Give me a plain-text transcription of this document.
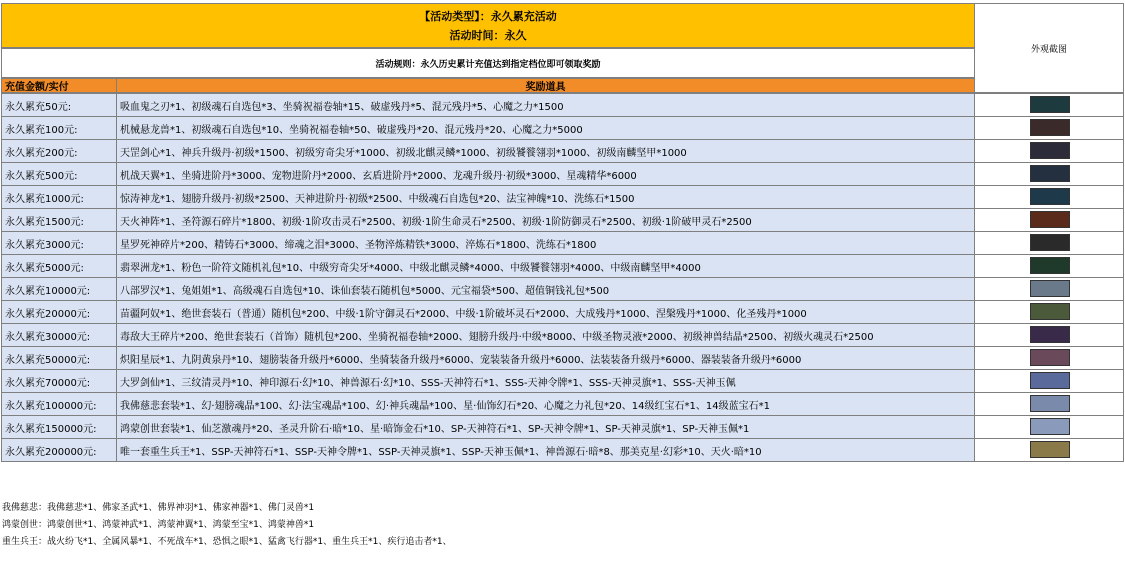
【活动类型】：永久累充活动
活动时间：永久
活动规则：永久历史累计充值达到指定档位即可领取奖励
外观截图
充值金额/实付	奖励道具
永久累充50元:	吸血鬼之刃*1、初级魂石自选包*3、坐骑祝福卷轴*15、破虚残丹*5、混元残丹*5、心魔之力*1500
永久累充100元:	机械悬龙兽*1、初级魂石自选包*10、坐骑祝福卷轴*50、破虚残丹*20、混元残丹*20、心魔之力*5000
永久累充200元:	天罡剑心*1、神兵升级丹·初级*1500、初级穷奇尖牙*1000、初级北麒灵鳞*1000、初级饕餮翎羽*1000、初级南麟坚甲*1000
永久累充500元:	机战天翼*1、坐骑进阶丹*3000、宠物进阶丹*2000、玄盾进阶丹*2000、龙魂升级丹·初级*3000、星魂精华*6000
永久累充1000元:	惊涛神龙*1、翅膀升级丹·初级*2500、天神进阶丹·初级*2500、中级魂石自选包*20、法宝神魄*10、洗练石*1500
永久累充1500元:	天火神阵*1、圣符源石碎片*1800、初级·1阶攻击灵石*2500、初级·1阶生命灵石*2500、初级·1阶防御灵石*2500、初级·1阶破甲灵石*2500
永久累充3000元:	星罗死神碎片*200、精铸石*3000、缔魂之泪*3000、圣物淬炼精铁*3000、淬炼石*1800、洗练石*1800
永久累充5000元:	翡翠洲龙*1、粉色一阶符文随机礼包*10、中级穷奇尖牙*4000、中级北麒灵鳞*4000、中级饕餮翎羽*4000、中级南麟坚甲*4000
永久累充10000元:	八部罗汉*1、兔姐姐*1、高级魂石自选包*10、诛仙套装石随机包*5000、元宝福袋*500、超值铜钱礼包*500
永久累充20000元:	苗疆阿奴*1、绝世套装石（普通）随机包*200、中级·1阶守御灵石*2000、中级·1阶破坏灵石*2000、大成残丹*1000、涅槃残丹*1000、化圣残丹*1000
永久累充30000元:	毒敌大王碎片*200、绝世套装石（首饰）随机包*200、坐骑祝福卷轴*2000、翅膀升级丹·中级*8000、中级圣物灵液*2000、初级神兽结晶*2500、初级火魂灵石*2500
永久累充50000元:	炽阳星辰*1、九阴黄泉丹*10、翅膀装备升级丹*6000、坐骑装备升级丹*6000、宠装装备升级丹*6000、法装装备升级丹*6000、器装装备升级丹*6000
永久累充70000元:	大罗剑仙*1、三纹清灵丹*10、神印源石·幻*10、神兽源石·幻*10、SSS-天神符石*1、SSS-天神令牌*1、SSS-天神灵旗*1、SSS-天神玉佩
永久累充100000元:	我佛慈悲套装*1、幻·翅膀魂晶*100、幻·法宝魂晶*100、幻·神兵魂晶*100、星·仙饰幻石*20、心魔之力礼包*20、14级红宝石*1、14级蓝宝石*1
永久累充150000元:	鸿蒙创世套装*1、仙芝激魂丹*20、圣灵升阶石·暗*10、星·暗饰金石*10、SP-天神符石*1、SP-天神令牌*1、SP-天神灵旗*1、SP-天神玉佩*1
永久累充200000元:	唯一套重生兵王*1、SSP-天神符石*1、SSP-天神令牌*1、SSP-天神灵旗*1、SSP-天神玉佩*1、神兽源石·暗*8、那美克星·幻彩*10、天火·暗*10
我佛慈悲：我佛慈悲*1、佛家圣武*1、佛界神羽*1、佛家神器*1、佛门灵兽*1
鸿蒙创世：鸿蒙创世*1、鸿蒙神武*1、鸿蒙神翼*1、鸿蒙至宝*1、鸿蒙神兽*1
重生兵王：战火纷飞*1、全属风暴*1、不死战车*1、恐惧之眼*1、猛禽飞行器*1、重生兵王*1、疾行追击者*1、
